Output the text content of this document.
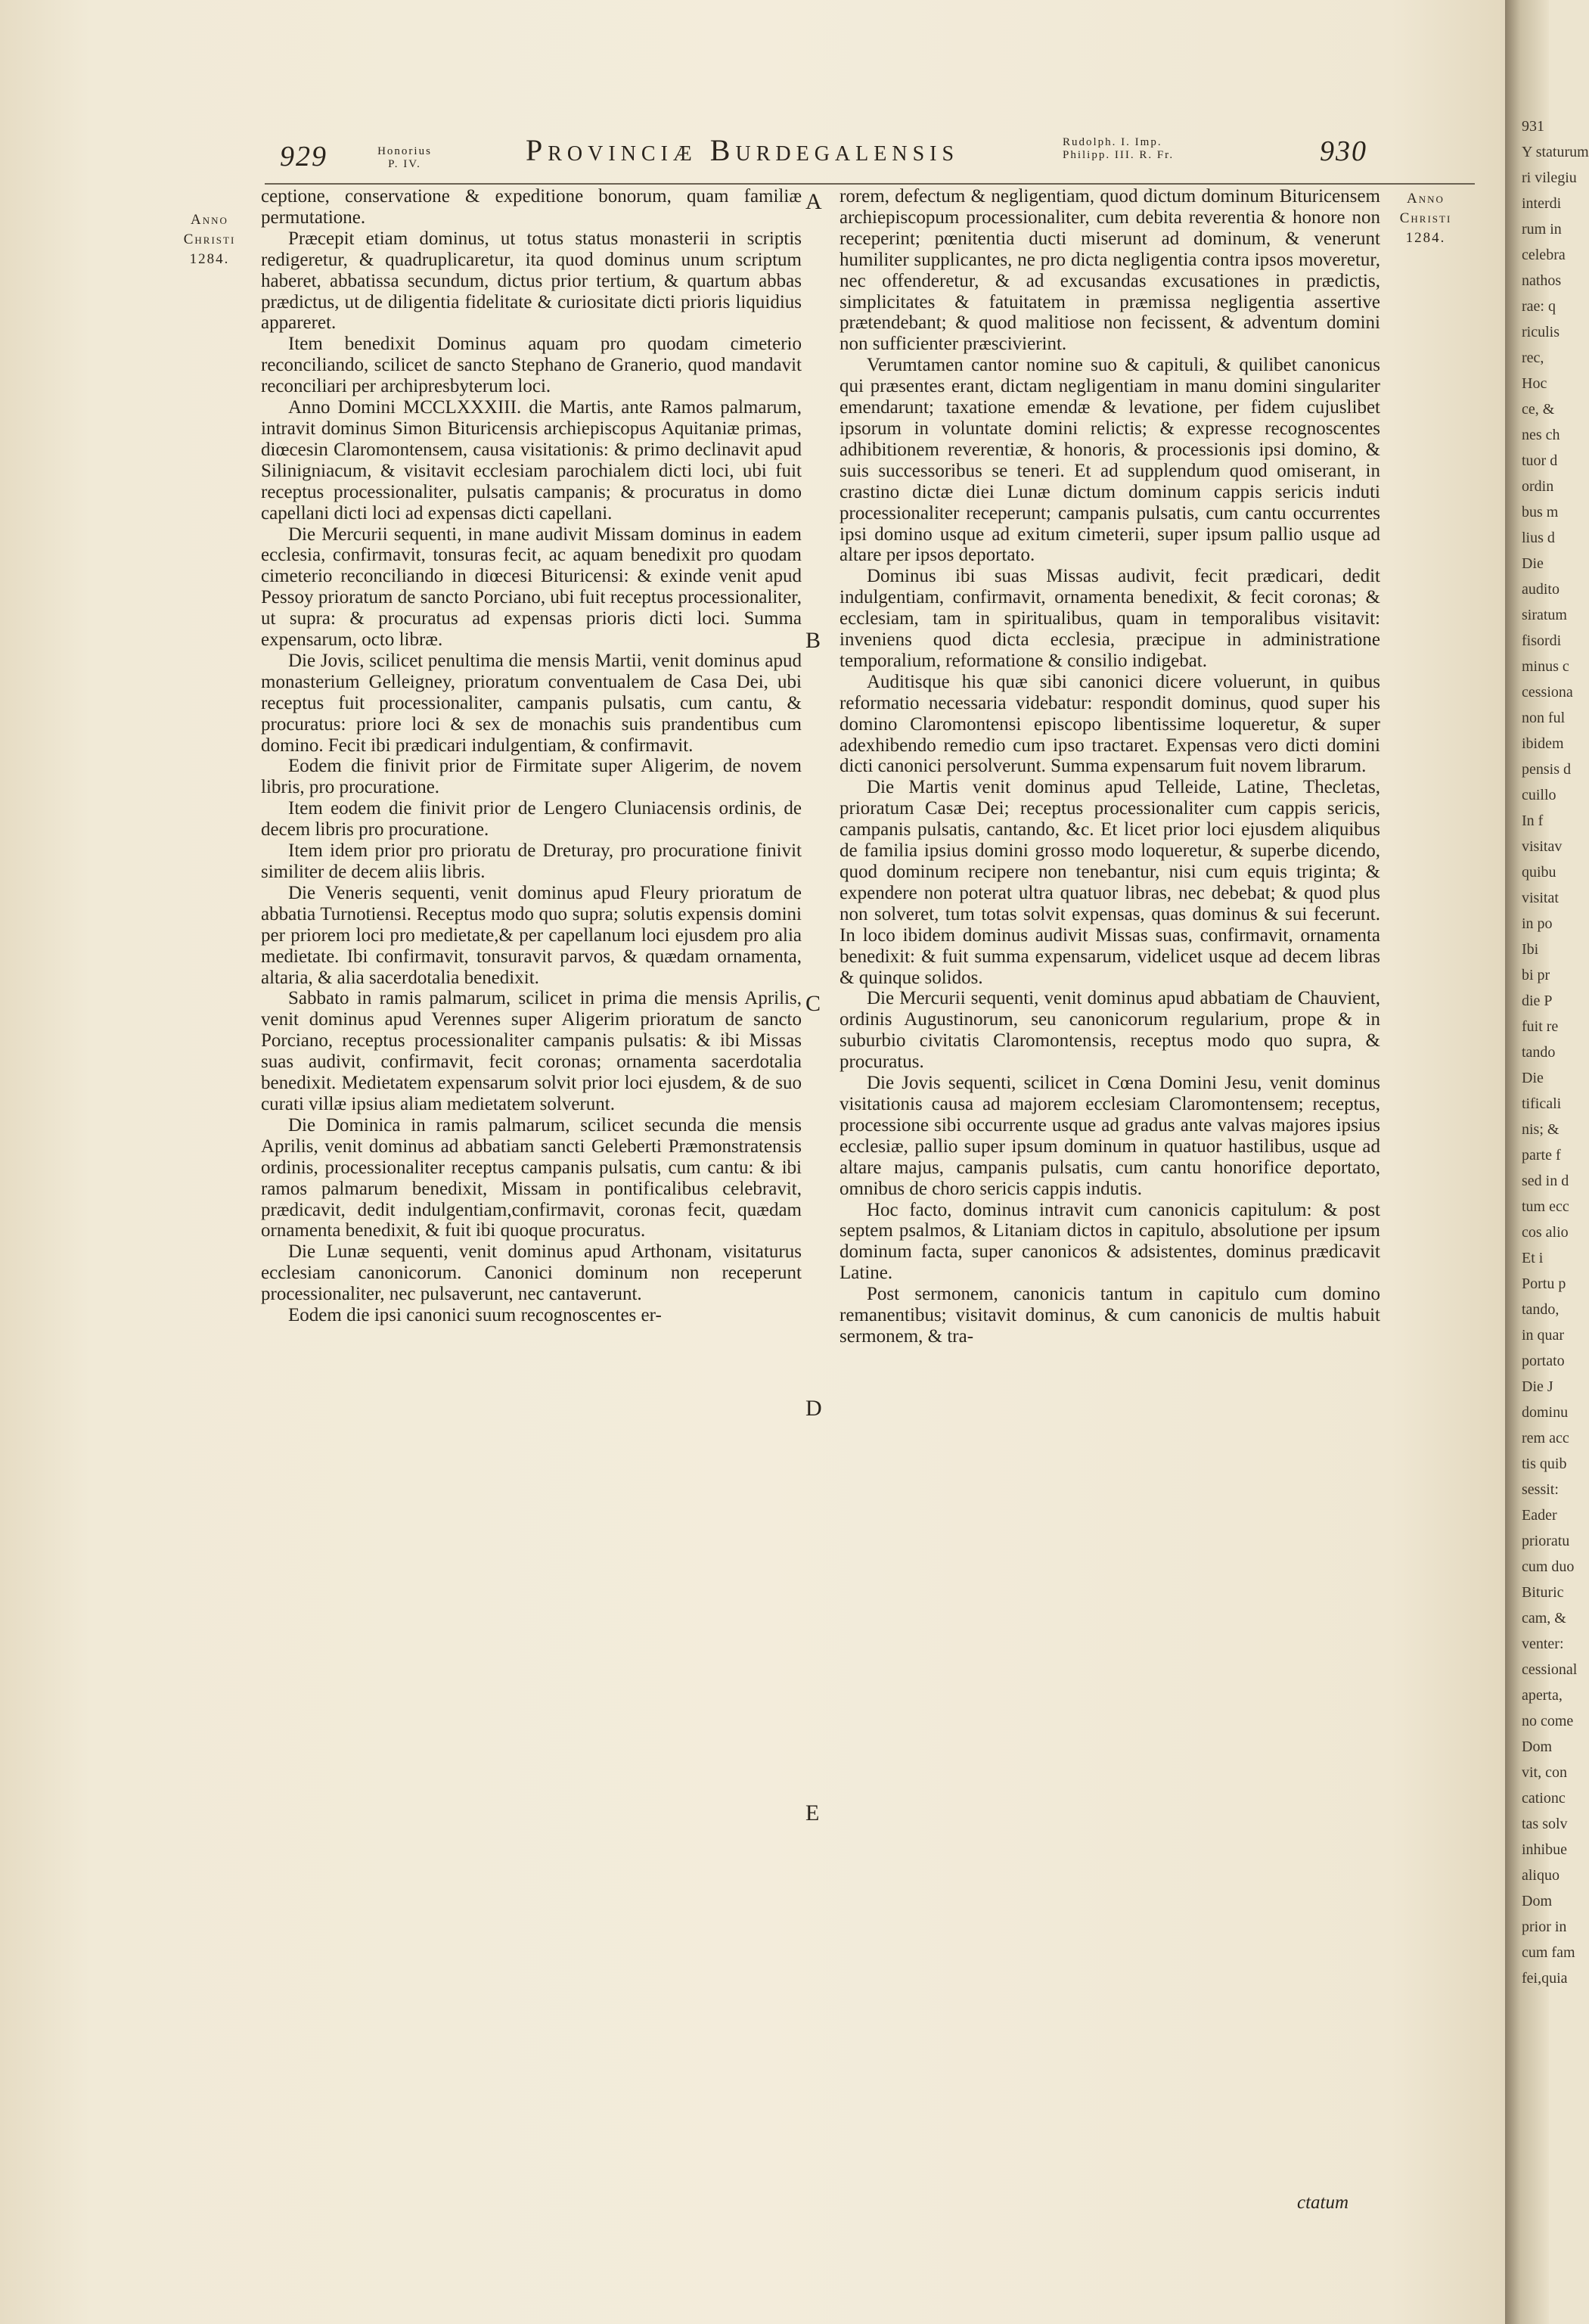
929	Honorius
P. IV.	Provinciæ Burdegalensis	Rudolph. I. Imp.
Philipp. III. R. Fr.	930
Anno
Christi
1284.
Anno
Christi
1284.
A
B
C
D
E

ceptione, conservatione & expeditione bonorum, quam familiæ permutatione.

Præcepit etiam dominus, ut totus status monasterii in scriptis redigeretur, & quadruplicaretur, ita quod dominus unum scriptum haberet, abbatissa secundum, dictus prior tertium, & quartum abbas prædictus, ut de diligentia fidelitate & curiositate dicti prioris liquidius appareret.

Item benedixit Dominus aquam pro quodam cimeterio reconciliando, scilicet de sancto Stephano de Granerio, quod mandavit reconciliari per archipresbyterum loci.

Anno Domini MCCLXXXIII. die Martis, ante Ramos palmarum, intravit dominus Simon Bituricensis archiepiscopus Aquitaniæ primas, diœcesin Claromontensem, causa visitationis: & primo declinavit apud Silinigniacum, & visitavit ecclesiam parochialem dicti loci, ubi fuit receptus processionaliter, pulsatis campanis; & procuratus in domo capellani dicti loci ad expensas dicti capellani.

Die Mercurii sequenti, in mane audivit Missam dominus in eadem ecclesia, confirmavit, tonsuras fecit, ac aquam benedixit pro quodam cimeterio reconciliando in diœcesi Bituricensi: & exinde venit apud Pessoy prioratum de sancto Porciano, ubi fuit receptus processionaliter, ut supra: & procuratus ad expensas prioris dicti loci. Summa expensarum, octo libræ.

Die Jovis, scilicet penultima die mensis Martii, venit dominus apud monasterium Gelleigney, prioratum conventualem de Casa Dei, ubi receptus fuit processionaliter, campanis pulsatis, cum cantu, & procuratus: priore loci & sex de monachis suis prandentibus cum domino. Fecit ibi prædicari indulgentiam, & confirmavit.

Eodem die finivit prior de Firmitate super Aligerim, de novem libris, pro procuratione.

Item eodem die finivit prior de Lengero Cluniacensis ordinis, de decem libris pro procuratione.

Item idem prior pro prioratu de Dreturay, pro procuratione finivit similiter de decem aliis libris.

Die Veneris sequenti, venit dominus apud Fleury prioratum de abbatia Turnotiensi. Receptus modo quo supra; solutis expensis domini per priorem loci pro medietate,& per capellanum loci ejusdem pro alia medietate. Ibi confirmavit, tonsuravit parvos, & quædam ornamenta, altaria, & alia sacerdotalia benedixit.

Sabbato in ramis palmarum, scilicet in prima die mensis Aprilis, venit dominus apud Verennes super Aligerim prioratum de sancto Porciano, receptus processionaliter campanis pulsatis: & ibi Missas suas audivit, confirmavit, fecit coronas; ornamenta sacerdotalia benedixit. Medietatem expensarum solvit prior loci ejusdem, & de suo curati villæ ipsius aliam medietatem solverunt.

Die Dominica in ramis palmarum, scilicet secunda die mensis Aprilis, venit dominus ad abbatiam sancti Geleberti Præmonstratensis ordinis, processionaliter receptus campanis pulsatis, cum cantu: & ibi ramos palmarum benedixit, Missam in pontificalibus celebravit, prædicavit, dedit indulgentiam,confirmavit, coronas fecit, quædam ornamenta benedixit, & fuit ibi quoque procuratus.

Die Lunæ sequenti, venit dominus apud Arthonam, visitaturus ecclesiam canonicorum. Canonici dominum non receperunt processionaliter, nec pulsaverunt, nec cantaverunt.

Eodem die ipsi canonici suum recognoscentes er-

rorem, defectum & negligentiam, quod dictum dominum Bituricensem archiepiscopum processionaliter, cum debita reverentia & honore non receperint; pœnitentia ducti miserunt ad dominum, & venerunt humiliter supplicantes, ne pro dicta negligentia contra ipsos moveretur, nec offenderetur, & ad excusandas excusationes in prædictis, simplicitates & fatuitatem in præmissa negligentia assertive prætendebant; & quod malitiose non fecissent, & adventum domini non sufficienter præscivierint.

Verumtamen cantor nomine suo & capituli, & quilibet canonicus qui præsentes erant, dictam negligentiam in manu domini singulariter emendarunt; taxatione emendæ & levatione, per fidem cujuslibet ipsorum in voluntate domini relictis; & expresse recognoscentes adhibitionem reverentiæ, & honoris, & processionis ipsi domino, & suis successoribus se teneri. Et ad supplendum quod omiserant, in crastino dictæ diei Lunæ dictum dominum cappis sericis induti processionaliter receperunt; campanis pulsatis, cum cantu occurrentes ipsi domino usque ad exitum cimeterii, super ipsum pallio usque ad altare per ipsos deportato.

Dominus ibi suas Missas audivit, fecit prædicari, dedit indulgentiam, confirmavit, ornamenta benedixit, & fecit coronas; & ecclesiam, tam in spiritualibus, quam in temporalibus visitavit: inveniens quod dicta ecclesia, præcipue in administratione temporalium, reformatione & consilio indigebat.

Auditisque his quæ sibi canonici dicere voluerunt, in quibus reformatio necessaria videbatur: respondit dominus, quod super his domino Claromontensi episcopo libentissime loqueretur, & super adexhibendo remedio cum ipso tractaret. Expensas vero dicti domini dicti canonici persolverunt. Summa expensarum fuit novem librarum.

Die Martis venit dominus apud Telleide, Latine, Thecletas, prioratum Casæ Dei; receptus processionaliter cum cappis sericis, campanis pulsatis, cantando, &c. Et licet prior loci ejusdem aliquibus de familia ipsius domini grosso modo loqueretur, & superbe dicendo, quod dominum recipere non tenebantur, nisi cum equis triginta; & expendere non poterat ultra quatuor libras, nec debebat; & quod plus non solveret, tum totas solvit expensas, quas dominus & sui fecerunt. In loco ibidem dominus audivit Missas suas, confirmavit, ornamenta benedixit: & fuit summa expensarum, videlicet usque ad decem libras & quinque solidos.

Die Mercurii sequenti, venit dominus apud abbatiam de Chauvient, ordinis Augustinorum, seu canonicorum regularium, prope & in suburbio civitatis Claromontensis, receptus modo quo supra, & procuratus.

Die Jovis sequenti, scilicet in Cœna Domini Jesu, venit dominus visitationis causa ad majorem ecclesiam Claromontensem; receptus, processione sibi occurrente usque ad gradus ante valvas majores ipsius ecclesiæ, pallio super ipsum dominum in quatuor hastilibus, usque ad altare majus, campanis pulsatis, cum cantu honorifice deportato, omnibus de choro sericis cappis indutis.

Hoc facto, dominus intravit cum canonicis capitulum: & post septem psalmos, & Litaniam dictos in capitulo, absolutione per ipsum dominum facta, super canonicos & adsistentes, dominus prædicavit Latine.

Post sermonem, canonicis tantum in capitulo cum domino remanentibus; visitavit dominus, & cum canonicis de multis habuit sermonem, & tra-

ctatum
931
Y staturum
ri vilegiu
interdi
rum in
celebra
nathos
rae: q
riculis
rec,
Hoc
ce, &
nes ch
tuor d
ordin
bus m
lius d
Die
audito
siratum
fisordi
minus c
cessiona
non ful
ibidem
pensis d
cuillo
In f
visitav
quibu
visitat
in po
Ibi
bi pr
die P
fuit re
tando
Die
tificali
nis; &
parte f
sed in d
tum ecc
cos alio
Et i
Portu p
tando,
in quar
portato
Die J
dominu
rem acc
tis quib
sessit:
Eader
prioratu
cum duo
Bituric
cam, &
venter:
cessional
aperta,
no come
Dom
vit, con
cationc
tas solv
inhibue
aliquo
Dom
prior in
cum fam
fei,quia
